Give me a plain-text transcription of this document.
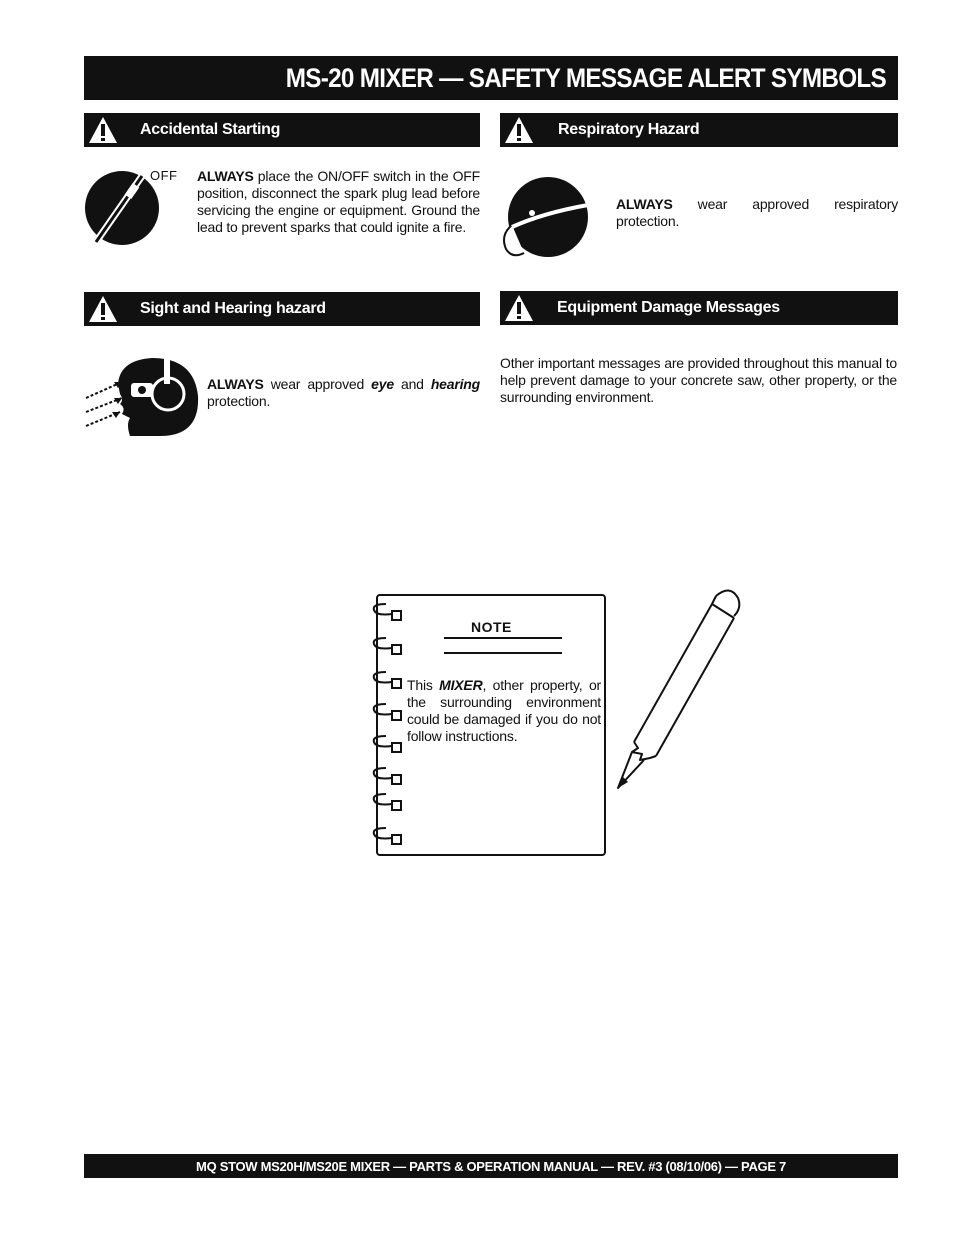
MS-20 MIXER — SAFETY MESSAGE ALERT SYMBOLS
Accidental Starting	Respiratory Hazard
Sight and Hearing hazard	Equipment Damage Messages
OFF ALWAYS place the ON/OFF switch in the OFF position, disconnect the spark plug lead before servicing the engine or equipment. Ground the lead to prevent sparks that could ignite a fire.
ALWAYS wear approved respiratory protection.
ALWAYS wear approved eye and hearing protection.
Other important messages are provided throughout this manual to help prevent damage to your concrete saw, other property, or the surrounding environment.
NOTE
This MIXER, other property, or the surrounding environment could be damaged if you do not follow instructions.
MQ STOW MS20H/MS20E MIXER — PARTS & OPERATION MANUAL — REV. #3 (08/10/06) — PAGE 7
